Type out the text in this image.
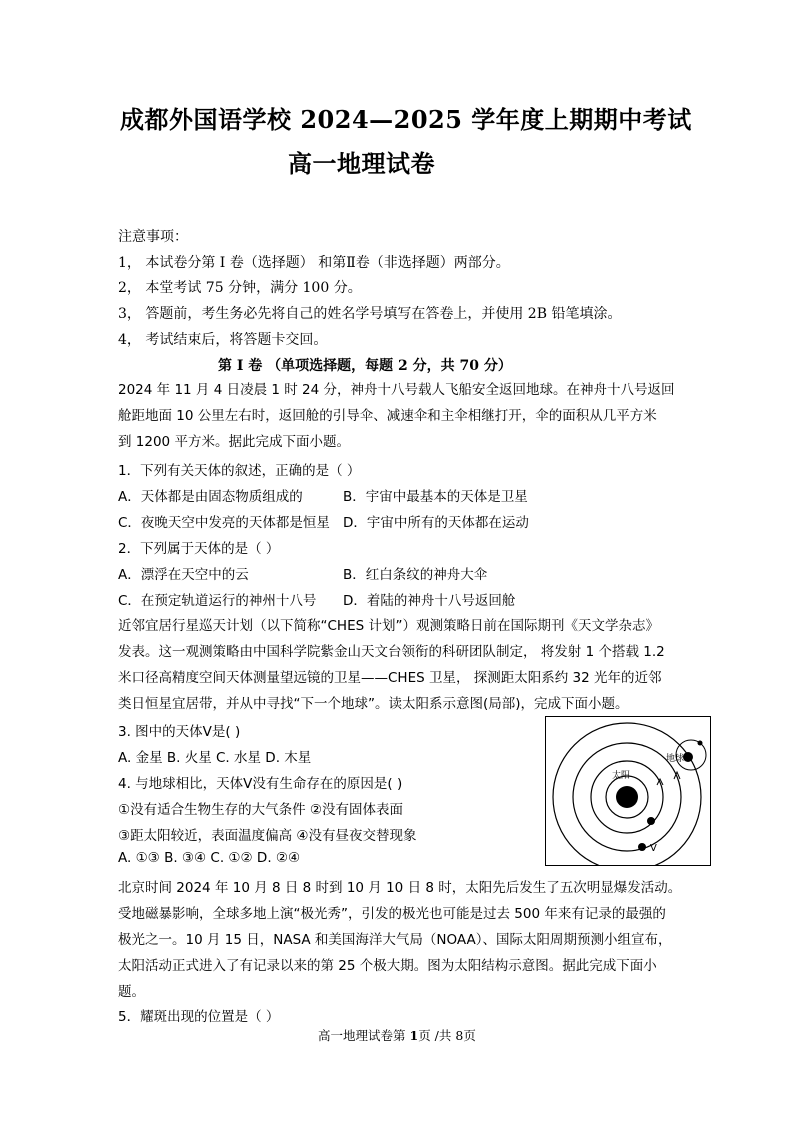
成都外国语学校 2024—2025 学年度上期期中考试
高一地理试卷
注意事项：
1， 本试卷分第 I 卷（选择题） 和第Ⅱ卷（非选择题）两部分。
2， 本堂考试 75 分钟，满分 100 分。
3， 答题前，考生务必先将自己的姓名学号填写在答卷上，并使用 2B 铅笔填涂。
4， 考试结束后，将答题卡交回。
第 I 卷 （单项选择题，每题 2 分，共 70 分）
2024 年 11 月 4 日凌晨 1 时 24 分，神舟十八号载人飞船安全返回地球。在神舟十八号返回
舱距地面 10 公里左右时，返回舱的引导伞、减速伞和主伞相继打开，伞的面积从几平方米
到 1200 平方米。据此完成下面小题。
1．下列有关天体的叙述，正确的是（ ）
A．天体都是由固态物质组成的	B．宇宙中最基本的天体是卫星
C．夜晚天空中发亮的天体都是恒星 D．宇宙中所有的天体都在运动
2．下列属于天体的是（ ）
A．漂浮在天空中的云	B．红白条纹的神舟大伞
C．在预定轨道运行的神州十八号 D．着陆的神舟十八号返回舱
近邻宜居行星巡天计划（以下简称“CHES 计划”）观测策略日前在国际期刊《天文学杂志》
发表。这一观测策略由中国科学院紫金山天文台领衔的科研团队制定， 将发射 1 个搭载 1.2
米口径高精度空间天体测量望远镜的卫星——CHES 卫星， 探测距太阳系约 32 光年的近邻
类日恒星宜居带，并从中寻找“下一个地球”。读太阳系示意图(局部)，完成下面小题。
3. 图中的天体Ⅴ是( )
A. 金星 B. 火星 C. 水星 D. 木星
4. 与地球相比，天体Ⅴ没有生命存在的原因是( )
①没有适合生物生存的大气条件 ②没有固体表面
③距太阳较近，表面温度偏高 ④没有昼夜交替现象
A. ①③ B. ③④ C. ①② D. ②④
太阳
地球
V
北京时间 2024 年 10 月 8 日 8 时到 10 月 10 日 8 时，太阳先后发生了五次明显爆发活动。
受地磁暴影响，全球多地上演“极光秀”，引发的极光也可能是过去 500 年来有记录的最强的
极光之一。10 月 15 日，NASA 和美国海洋大气局（NOAA）、国际太阳周期预测小组宣布，
太阳活动正式进入了有记录以来的第 25 个极大期。图为太阳结构示意图。据此完成下面小
题。
5．耀斑出现的位置是（ ）
高一地理试卷第 1页 /共 8页
